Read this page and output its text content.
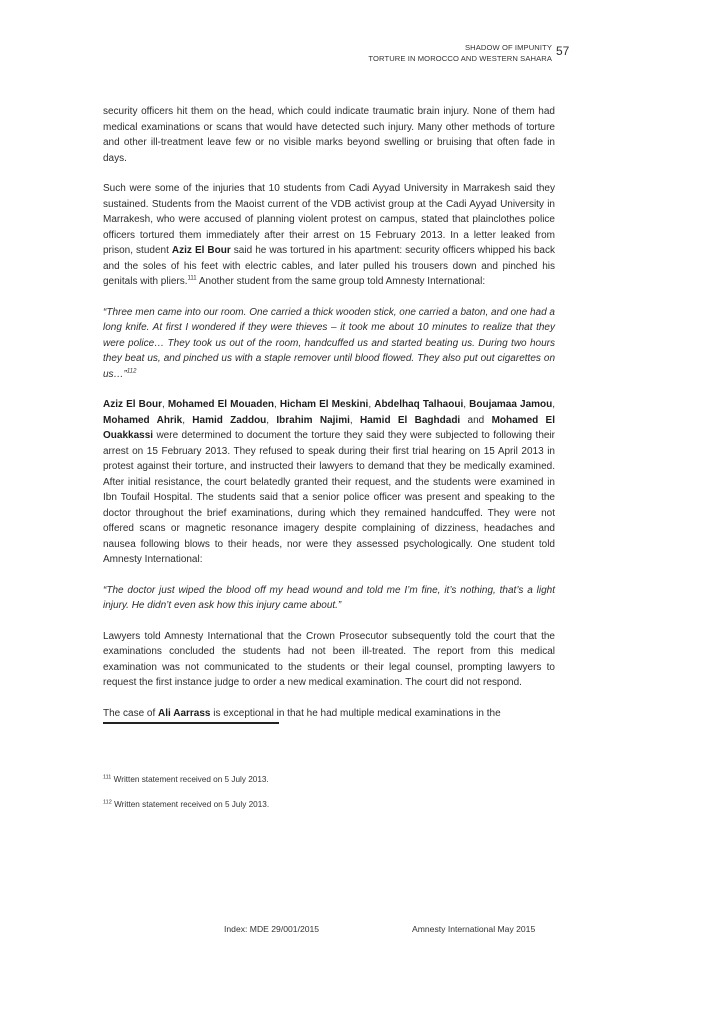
SHADOW OF IMPUNITY
TORTURE IN MOROCCO AND WESTERN SAHARA
57

security officers hit them on the head, which could indicate traumatic brain injury. None of them had medical examinations or scans that would have detected such injury. Many other methods of torture and other ill-treatment leave few or no visible marks beyond swelling or bruising that often fade in days.

Such were some of the injuries that 10 students from Cadi Ayyad University in Marrakesh said they sustained. Students from the Maoist current of the VDB activist group at the Cadi Ayyad University in Marrakesh, who were accused of planning violent protest on campus, stated that plainclothes police officers tortured them immediately after their arrest on 15 February 2013. In a letter leaked from prison, student Aziz El Bour said he was tortured in his apartment: security officers whipped his back and the soles of his feet with electric cables, and later pulled his trousers down and pinched his genitals with pliers.$^{111}$ Another student from the same group told Amnesty International:

“Three men came into our room. One carried a thick wooden stick, one carried a baton, and one had a long knife. At first I wondered if they were thieves – it took me about 10 minutes to realize that they were police… They took us out of the room, handcuffed us and started beating us. During two hours they beat us, and pinched us with a staple remover until blood flowed. They also put out cigarettes on us…”$^{112}$

Aziz El Bour, Mohamed El Mouaden, Hicham El Meskini, Abdelhaq Talhaoui, Boujamaa Jamou, Mohamed Ahrik, Hamid Zaddou, Ibrahim Najimi, Hamid El Baghdadi and Mohamed El Ouakkassi were determined to document the torture they said they were subjected to following their arrest on 15 February 2013. They refused to speak during their first trial hearing on 15 April 2013 in protest against their torture, and instructed their lawyers to demand that they be medically examined. After initial resistance, the court belatedly granted their request, and the students were examined in Ibn Toufail Hospital. The students said that a senior police officer was present and speaking to the doctor throughout the brief examinations, during which they remained handcuffed. They were not offered scans or magnetic resonance imagery despite complaining of dizziness, headaches and nausea following blows to their heads, nor were they assessed psychologically. One student told Amnesty International:

“The doctor just wiped the blood off my head wound and told me I’m fine, it’s nothing, that’s a light injury. He didn’t even ask how this injury came about.”

Lawyers told Amnesty International that the Crown Prosecutor subsequently told the court that the examinations concluded the students had not been ill-treated. The report from this medical examination was not communicated to the students or their legal counsel, prompting lawyers to request the first instance judge to order a new medical examination. The court did not respond.

The case of Ali Aarrass is exceptional in that he had multiple medical examinations in the

$^{111}$ Written statement received on 5 July 2013.
$^{112}$ Written statement received on 5 July 2013.
Index: MDE 29/001/2015	Amnesty International May 2015
